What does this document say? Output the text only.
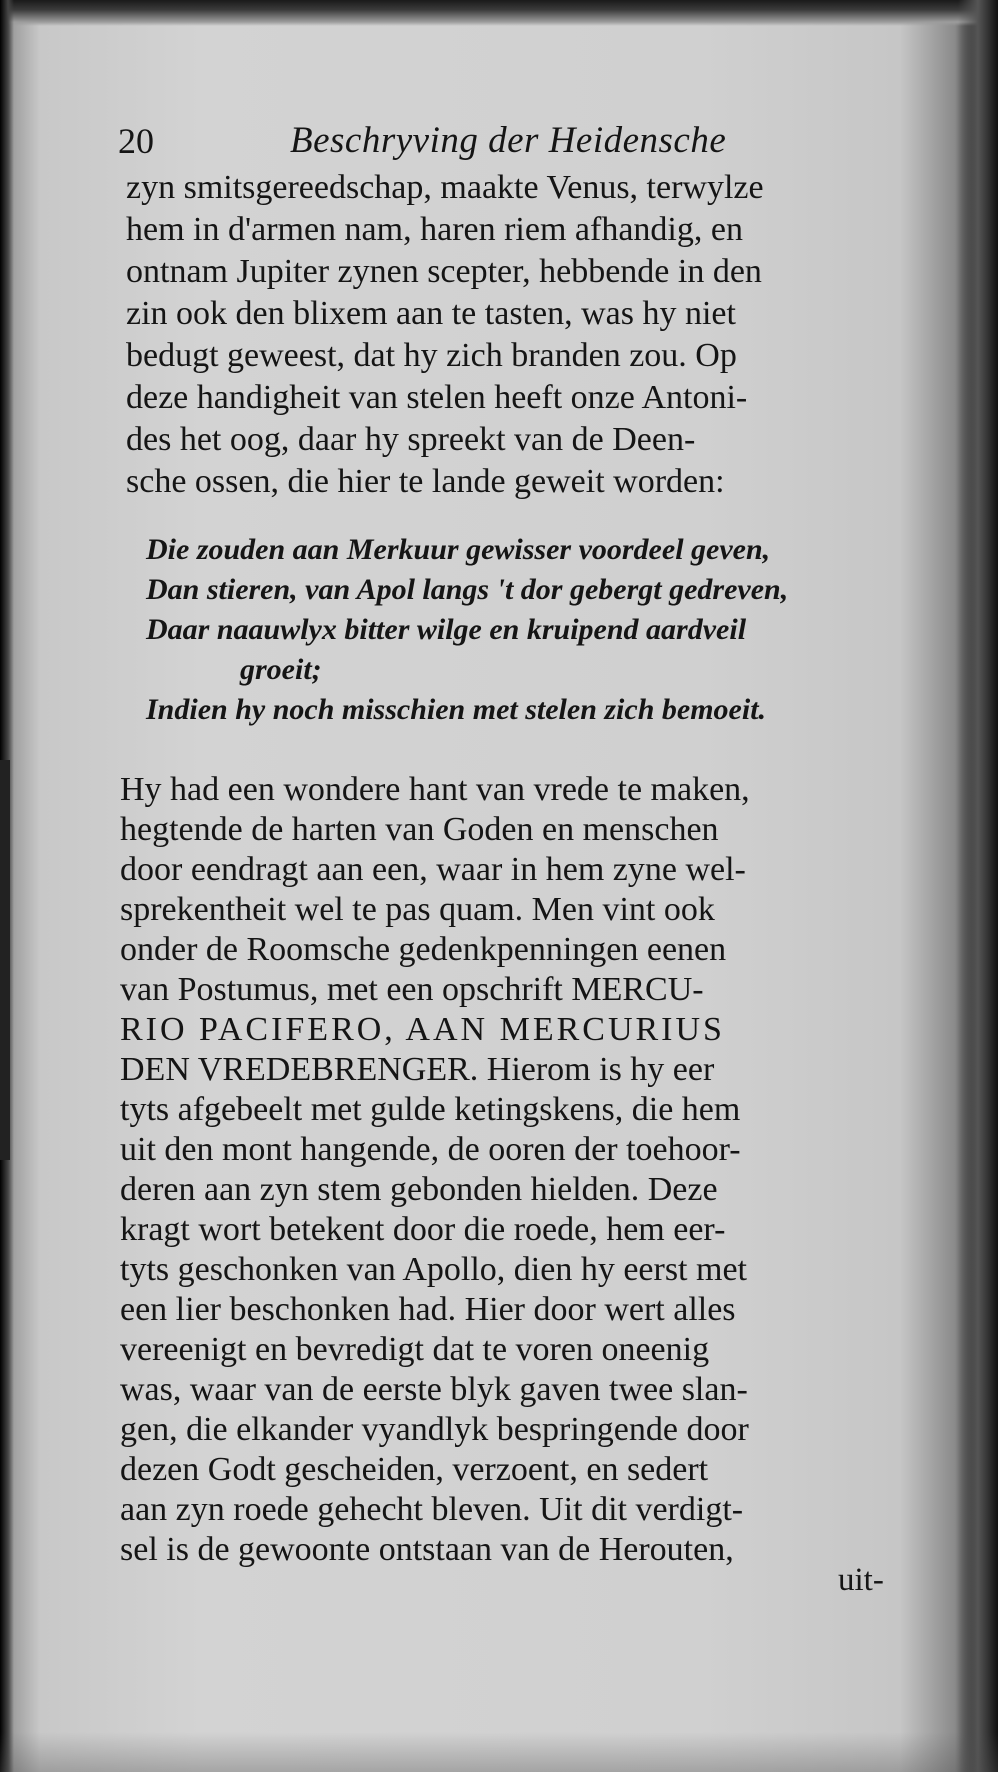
20	Beschryving der Heidensche
zyn smitsgereedschap, maakte Venus, terwylze
hem in d'armen nam, haren riem afhandig, en
ontnam Jupiter zynen scepter, hebbende in den
zin ook den blixem aan te tasten, was hy niet
bedugt geweest, dat hy zich branden zou. Op
deze handigheit van stelen heeft onze Antoni-
des het oog, daar hy spreekt van de Deen-
sche ossen, die hier te lande geweit worden:
Die zouden aan Merkuur gewisser voordeel geven,
Dan stieren, van Apol langs 't dor gebergt gedreven,
Daar naauwlyx bitter wilge en kruipend aardveil
groeit;
Indien hy noch misschien met stelen zich bemoeit.
Hy had een wondere hant van vrede te maken,
hegtende de harten van Goden en menschen
door eendragt aan een, waar in hem zyne wel-
sprekentheit wel te pas quam. Men vint ook
onder de Roomsche gedenkpenningen eenen
van Postumus, met een opschrift MERCU-
RIO PACIFERO, AAN MERCURIUS
DEN VREDEBRENGER. Hierom is hy eer
tyts afgebeelt met gulde ketingskens, die hem
uit den mont hangende, de ooren der toehoor-
deren aan zyn stem gebonden hielden. Deze
kragt wort betekent door die roede, hem eer-
tyts geschonken van Apollo, dien hy eerst met
een lier beschonken had. Hier door wert alles
vereenigt en bevredigt dat te voren oneenig
was, waar van de eerste blyk gaven twee slan-
gen, die elkander vyandlyk bespringende door
dezen Godt gescheiden, verzoent, en sedert
aan zyn roede gehecht bleven. Uit dit verdigt-
sel is de gewoonte ontstaan van de Herouten,
uit-
